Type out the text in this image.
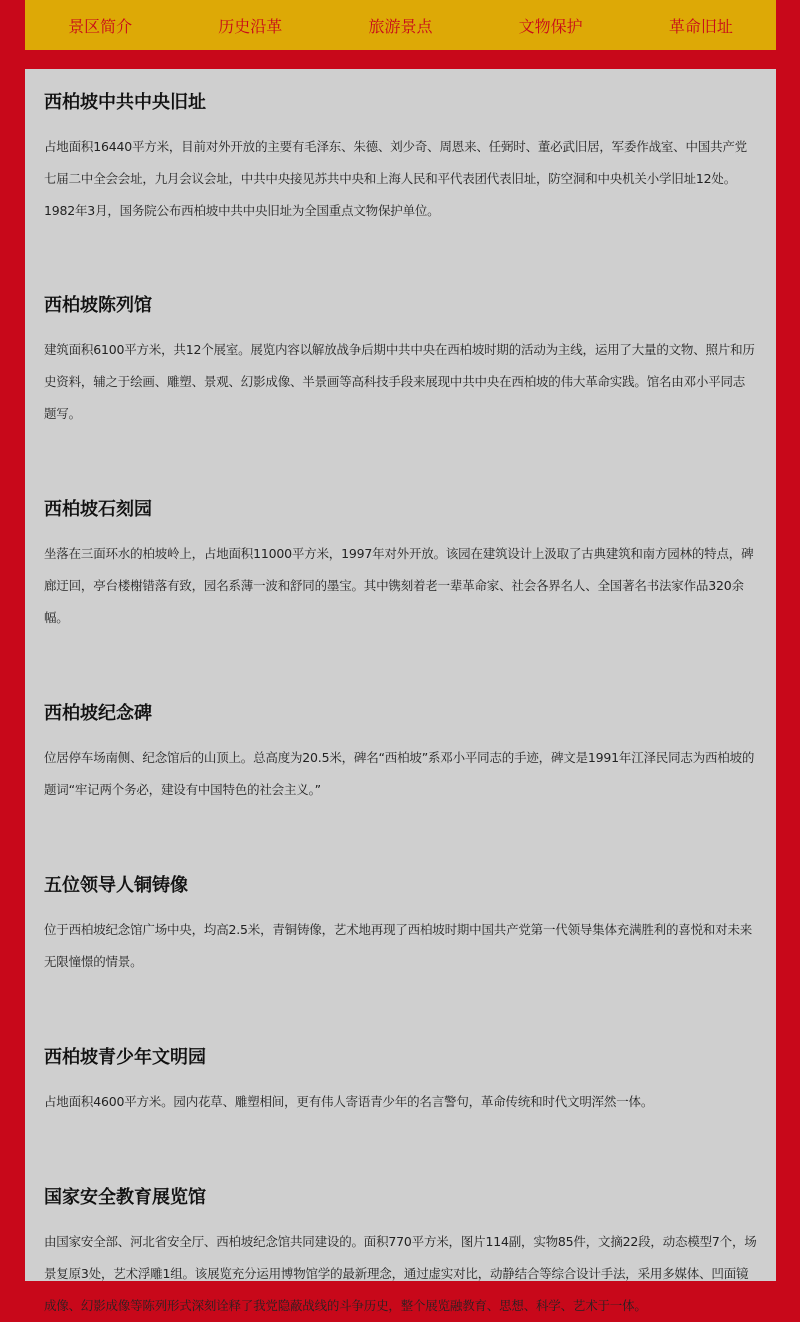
景区简介	历史沿革	旅游景点	文物保护	革命旧址
西柏坡中共中央旧址

占地面积16440平方米，目前对外开放的主要有毛泽东、朱德、刘少奇、周恩来、任弼时、董必武旧居，军委作战室、中国共产党七届二中全会会址，九月会议会址，中共中央接见苏共中央和上海人民和平代表团代表旧址，防空洞和中央机关小学旧址12处。1982年3月，国务院公布西柏坡中共中央旧址为全国重点文物保护单位。

西柏坡陈列馆

建筑面积6100平方米，共12个展室。展览内容以解放战争后期中共中央在西柏坡时期的活动为主线，运用了大量的文物、照片和历史资料，辅之于绘画、雕塑、景观、幻影成像、半景画等高科技手段来展现中共中央在西柏坡的伟大革命实践。馆名由邓小平同志题写。

西柏坡石刻园

坐落在三面环水的柏坡岭上，占地面积11000平方米，1997年对外开放。该园在建筑设计上汲取了古典建筑和南方园林的特点，碑廊迂回，亭台楼榭错落有致，园名系薄一波和舒同的墨宝。其中镌刻着老一辈革命家、社会各界名人、全国著名书法家作品320余幅。

西柏坡纪念碑

位居停车场南侧、纪念馆后的山顶上。总高度为20.5米，碑名“西柏坡”系邓小平同志的手迹，碑文是1991年江泽民同志为西柏坡的题词“牢记两个务必，建设有中国特色的社会主义。”

五位领导人铜铸像

位于西柏坡纪念馆广场中央，均高2.5米，青铜铸像，艺术地再现了西柏坡时期中国共产党第一代领导集体充满胜利的喜悦和对未来无限憧憬的情景。

西柏坡青少年文明园

占地面积4600平方米。园内花草、雕塑相间，更有伟人寄语青少年的名言警句，革命传统和时代文明浑然一体。

国家安全教育展览馆

由国家安全部、河北省安全厅、西柏坡纪念馆共同建设的。面积770平方米，图片114副，实物85件，文摘22段，动态模型7个，场景复原3处，艺术浮雕1组。该展览充分运用博物馆学的最新理念，通过虚实对比，动静结合等综合设计手法，采用多媒体、凹面镜成像、幻影成像等陈列形式深刻诠释了我党隐蔽战线的斗争历史，整个展览融教育、思想、科学、艺术于一体。
